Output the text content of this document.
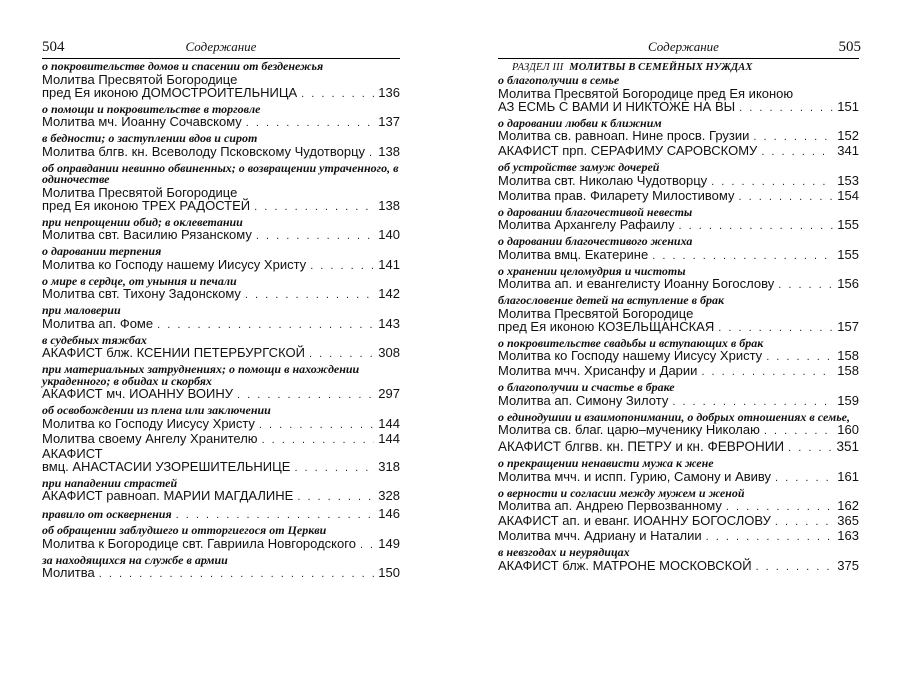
504	Содержание
о покровительстве домов и спасении от безденежья
Молитва Пресвятой Богородице
пред Ея иконою ДОМОСТРОИТЕЛЬНИЦА . . .	136
о помощи и покровительстве в торговле
Молитва мч. Иоанну Сочавскому . . .	137
в бедности; о заступлении вдов и сирот
Молитва блгв. кн. Всеволоду Псковскому Чудотворцу . . . 138
об оправдании невинно обвиненных; о возвращении утраченного, в одиночестве
Молитва Пресвятой Богородице
пред Ея иконою ТРЕХ РАДОСТЕЙ . . .	138
при непрощении обид; в оклеветании
Молитва свт. Василию Рязанскому . . .	140
о даровании терпения
Молитва ко Господу нашему Иисусу Христу . . .	141
о мире в сердце, от уныния и печали
Молитва свт. Тихону Задонскому . . .	142
при маловерии
Молитва ап. Фоме . . .	143
в судебных тяжбах
АКАФИСТ блж. КСЕНИИ ПЕТЕРБУРГСКОЙ . . .	308
при материальных затруднениях; о помощи в нахождении украденного; в обидах и скорбях
АКАФИСТ мч. ИОАННУ ВОИНУ . . .	297
об освобождении из плена или заключении
Молитва ко Господу Иисусу Христу . . .	144
Молитва своему Ангелу Хранителю . . .	144
АКАФИСТ
вмц. АНАСТАСИИ УЗОРЕШИТЕЛЬНИЦЕ . . .	318
при нападении страстей
АКАФИСТ равноап. МАРИИ МАГДАЛИНЕ . . .	328
правило от осквернения . . .	146
об обращении заблудшего и отторгиегося от Церкви
Молитва к Богородице свт. Гавриила Новгородского . . . 149
за находящихся на службе в армии
Молитва . . .	150
Содержание	505
РАЗДЕЛ III МОЛИТВЫ В СЕМЕЙНЫХ НУЖДАХ
о благополучии в семье
Молитва Пресвятой Богородице пред Ея иконою
АЗ ЕСМЬ С ВАМИ И НИКТОЖЕ НА ВЫ . . .	151
о даровании любви к ближним
Молитва св. равноап. Нине просв. Грузии . . .	152
АКАФИСТ прп. СЕРАФИМУ САРОВСКОМУ . . .	341
об устройстве замуж дочерей
Молитва свт. Николаю Чудотворцу . . .	153
Молитва прав. Филарету Милостивому . . .	154
о даровании благочестивой невесты
Молитва Архангелу Рафаилу . . .	155
о даровании благочестивого жениха
Молитва вмц. Екатерине . . .	155
о хранении целомудрия и чистоты
Молитва ап. и евангелисту Иоанну Богослову . . .	156
благословение детей на вступление в брак
Молитва Пресвятой Богородице
пред Ея иконою КОЗЕЛЬЩАНСКАЯ . . .	157
о покровительстве свадьбы и вступающих в брак
Молитва ко Господу нашему Иисусу Христу . . .	158
Молитва мчч. Хрисанфу и Дарии . . .	158
о благополучии и счастье в браке
Молитва ап. Симону Зилоту . . .	159
о единодушии и взаимопонимании, о добрых отношениях в семье,
Молитва св. благ. царю–мученику Николаю . . .	160
АКАФИСТ блгвв. кн. ПЕТРУ и кн. ФЕВРОНИИ . . .	351
о прекращении ненависти мужа к жене
Молитва мчч. и испп. Гурию, Самону и Авиву . . .	161
о верности и согласии между мужем и женой
Молитва ап. Андрею Первозванному . . .	162
АКАФИСТ ап. и еванг. ИОАННУ БОГОСЛОВУ . . .	365
Молитва мчч. Адриану и Наталии . . .	163
в невзгодах и неурядицах
АКАФИСТ блж. МАТРОНЕ МОСКОВСКОЙ . . .	375
